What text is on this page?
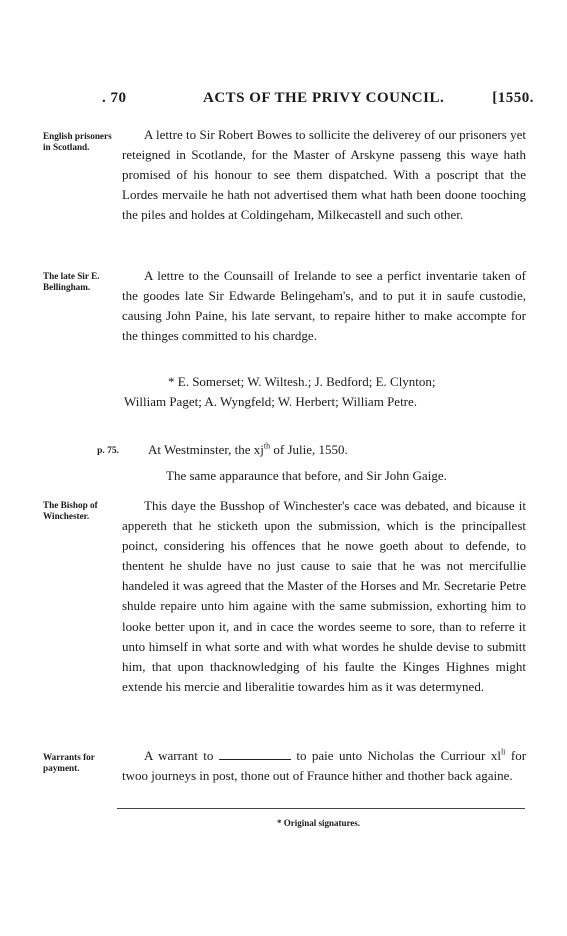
. 70	ACTS OF THE PRIVY COUNCIL.	[1550.
English prisoners in Scotland.

A lettre to Sir Robert Bowes to sollicite the deliverey of our prisoners yet reteigned in Scotlande, for the Master of Arskyne passeng this waye hath promised of his honour to see them dispatched. With a poscript that the Lordes mervaile he hath not advertised them what hath been doone tooching the piles and holdes at Coldingeham, Milkecastell and such other.

The late Sir E. Bellingham.

A lettre to the Counsaill of Irelande to see a perfict inventarie taken of the goodes late Sir Edwarde Belingeham's, and to put it in saufe custodie, causing John Paine, his late servant, to repaire hither to make accompte for the thinges committed to his chardge.

* E. Somerset; W. Wiltesh.; J. Bedford; E. Clynton;
William Paget; A. Wyngfeld; W. Herbert; William Petre.
p. 75. At Westminster, the $xj^{th}$ of Julie, 1550.
The same apparaunce that before, and Sir John Gaige.
The Bishop of Winchester.

This daye the Busshop of Winchester's cace was debated, and bicause it appereth that he sticketh upon the submission, which is the principallest poinct, considering his offences that he nowe goeth about to defende, to thentent he shulde have no just cause to saie that he was not mercifullie handeled it was agreed that the Master of the Horses and Mr. Secretarie Petre shulde repaire unto him againe with the same submission, exhorting him to looke better upon it, and in cace the wordes seeme to sore, than to referre it unto himself in what sorte and with what wordes he shulde devise to submitt him, that upon thacknowledging of his faulte the Kinges Highnes might extende his mercie and liberalitie towardes him as it was determyned.

Warrants for payment.

A warrant to	to paie unto Nicholas the Curriour $xl^{li}$ for twoo journeys in post, thone out of Fraunce hither and thother back againe.

* Original signatures.
